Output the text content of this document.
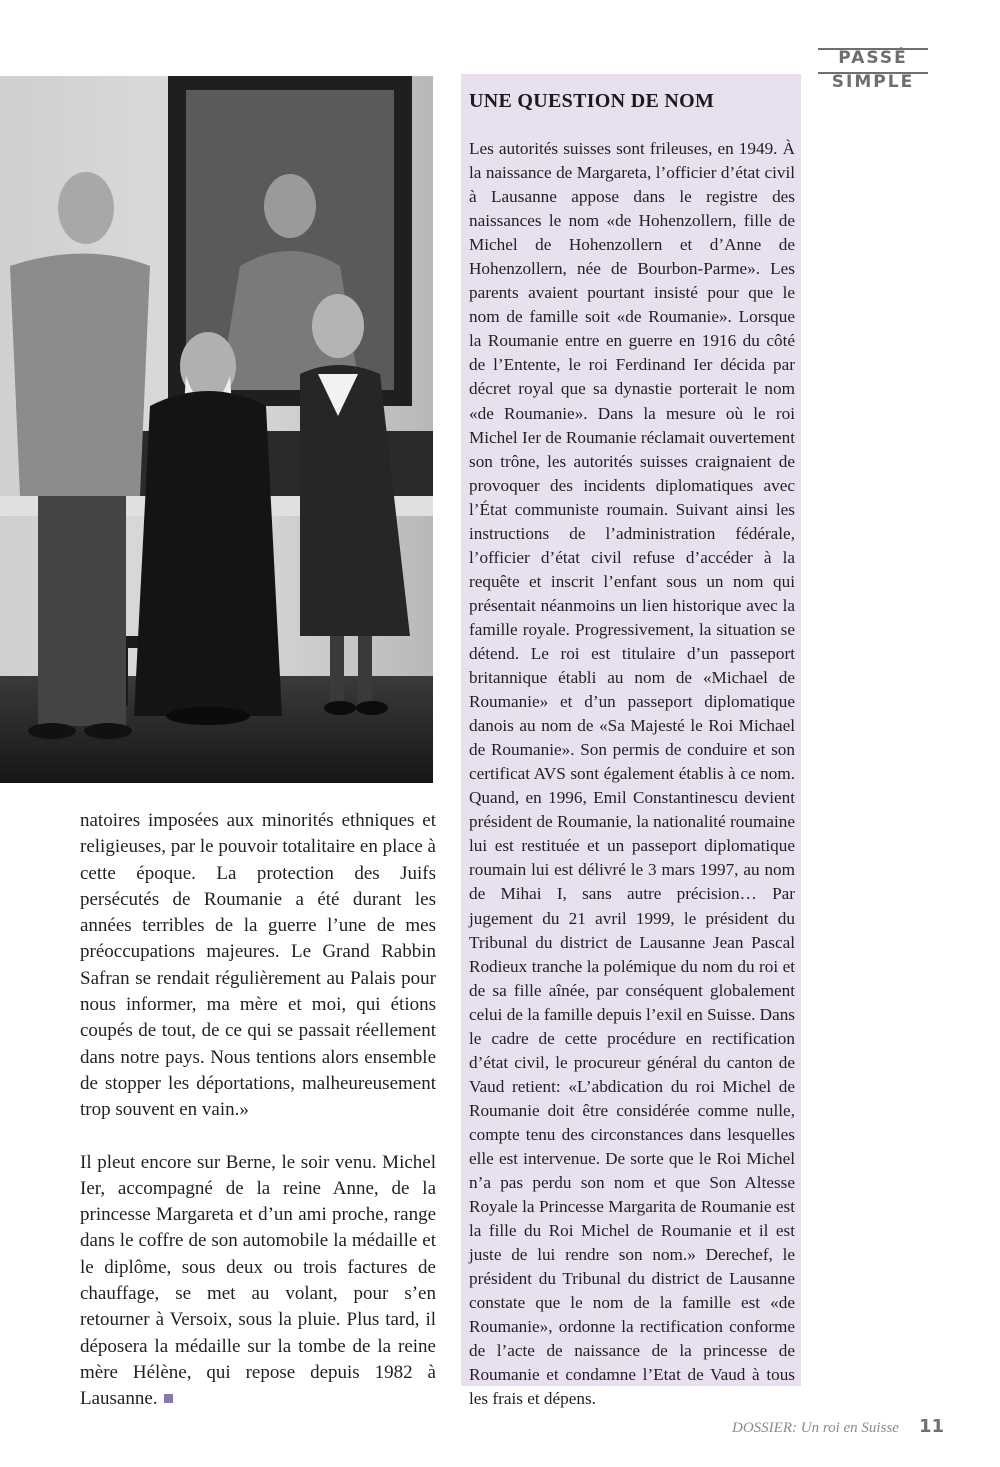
PASSÉ
SIMPLE

natoires imposées aux minorités ethniques et religieuses, par le pouvoir totalitaire en place à cette époque. La protection des Juifs persécutés de Roumanie a été durant les années terribles de la guerre l’une de mes préoccupations majeures. Le Grand Rabbin Safran se rendait régulièrement au Palais pour nous informer, ma mère et moi, qui étions coupés de tout, de ce qui se passait réellement dans notre pays. Nous tentions alors ensemble de stopper les déportations, malheureusement trop souvent en vain.»

Il pleut encore sur Berne, le soir venu. Michel Ier, accompagné de la reine Anne, de la princesse Margareta et d’un ami proche, range dans le coffre de son automobile la médaille et le diplôme, sous deux ou trois factures de chauffage, se met au volant, pour s’en retourner à Versoix, sous la pluie. Plus tard, il déposera la médaille sur la tombe de la reine mère Hélène, qui repose depuis 1982 à Lausanne.

UNE QUESTION DE NOM

Les autorités suisses sont frileuses, en 1949. À la naissance de Margareta, l’officier d’état civil à Lausanne appose dans le registre des naissances le nom «de Hohenzollern, fille de Michel de Hohenzollern et d’Anne de Hohenzollern, née de Bourbon-Parme». Les parents avaient pourtant insisté pour que le nom de famille soit «de Roumanie». Lorsque la Roumanie entre en guerre en 1916 du côté de l’Entente, le roi Ferdinand Ier décida par décret royal que sa dynastie porterait le nom «de Roumanie». Dans la mesure où le roi Michel Ier de Roumanie réclamait ouvertement son trône, les autorités suisses craignaient de provoquer des incidents diplomatiques avec l’État communiste roumain. Suivant ainsi les instructions de l’administration fédérale, l’officier d’état civil refuse d’accéder à la requête et inscrit l’enfant sous un nom qui présentait néanmoins un lien historique avec la famille royale. Progressivement, la situation se détend. Le roi est titulaire d’un passeport britannique établi au nom de «Michael de Roumanie» et d’un passeport diplomatique danois au nom de «Sa Majesté le Roi Michael de Roumanie». Son permis de conduire et son certificat AVS sont également établis à ce nom. Quand, en 1996, Emil Constantinescu devient président de Roumanie, la nationalité roumaine lui est restituée et un passeport diplomatique roumain lui est délivré le 3 mars 1997, au nom de Mihai I, sans autre précision… Par jugement du 21 avril 1999, le président du Tribunal du district de Lausanne Jean Pascal Rodieux tranche la polémique du nom du roi et de sa fille aînée, par conséquent globalement celui de la famille depuis l’exil en Suisse. Dans le cadre de cette procédure en rectification d’état civil, le procureur général du canton de Vaud retient: «L’abdication du roi Michel de Roumanie doit être considérée comme nulle, compte tenu des circonstances dans lesquelles elle est intervenue. De sorte que le Roi Michel n’a pas perdu son nom et que Son Altesse Royale la Princesse Margarita de Roumanie est la fille du Roi Michel de Roumanie et il est juste de lui rendre son nom.» Derechef, le président du Tribunal du district de Lausanne constate que le nom de la famille est «de Roumanie», ordonne la rectification conforme de l’acte de naissance de la princesse de Roumanie et condamne l’Etat de Vaud à tous les frais et dépens.

DOSSIER: Un roi en Suisse 11
